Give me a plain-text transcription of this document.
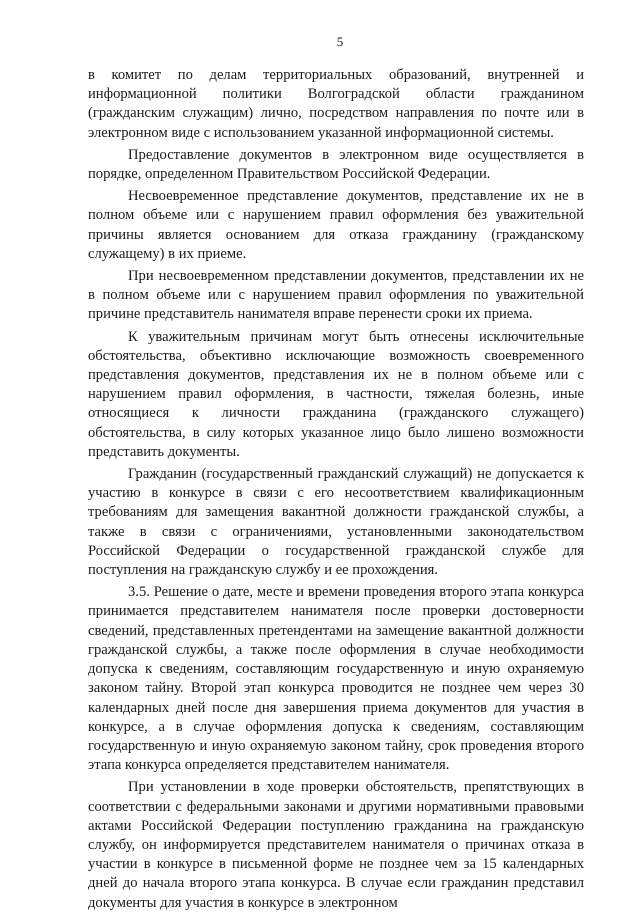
5

в комитет по делам территориальных образований, внутренней и информационной политики Волгоградской области гражданином (гражданским служащим) лично, посредством направления по почте или в электронном виде с использованием указанной информационной системы.

Предоставление документов в электронном виде осуществляется в порядке, определенном Правительством Российской Федерации.

Несвоевременное представление документов, представление их не в полном объеме или с нарушением правил оформления без уважительной причины является основанием для отказа гражданину (гражданскому служащему) в их приеме.

При несвоевременном представлении документов, представлении их не в полном объеме или с нарушением правил оформления по уважительной причине представитель нанимателя вправе перенести сроки их приема.

К уважительным причинам могут быть отнесены исключительные обстоятельства, объективно исключающие возможность своевременного представления документов, представления их не в полном объеме или с нарушением правил оформления, в частности, тяжелая болезнь, иные относящиеся к личности гражданина (гражданского служащего) обстоятельства, в силу которых указанное лицо было лишено возможности представить документы.

Гражданин (государственный гражданский служащий) не допускается к участию в конкурсе в связи с его несоответствием квалификационным требованиям для замещения вакантной должности гражданской службы, а также в связи с ограничениями, установленными законодательством Российской Федерации о государственной гражданской службе для поступления на гражданскую службу и ее прохождения.

3.5. Решение о дате, месте и времени проведения второго этапа конкурса принимается представителем нанимателя после проверки достоверности сведений, представленных претендентами на замещение вакантной должности гражданской службы, а также после оформления в случае необходимости допуска к сведениям, составляющим государственную и иную охраняемую законом тайну. Второй этап конкурса проводится не позднее чем через 30 календарных дней после дня завершения приема документов для участия в конкурсе, а в случае оформления допуска к сведениям, составляющим государственную и иную охраняемую законом тайну, срок проведения второго этапа конкурса определяется представителем нанимателя.

При установлении в ходе проверки обстоятельств, препятствующих в соответствии с федеральными законами и другими нормативными правовыми актами Российской Федерации поступлению гражданина на гражданскую службу, он информируется представителем нанимателя о причинах отказа в участии в конкурсе в письменной форме не позднее чем за 15 календарных дней до начала второго этапа конкурса. В случае если гражданин представил документы для участия в конкурсе в электронном
